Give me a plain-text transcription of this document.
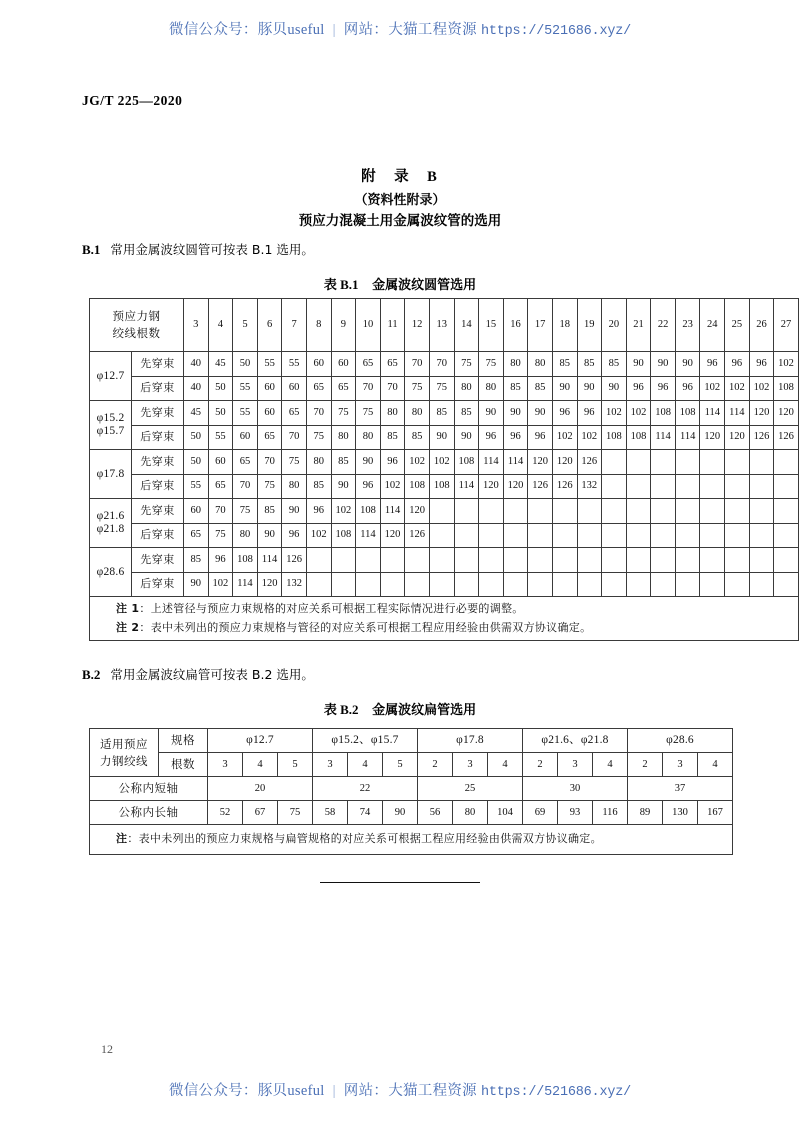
微信公众号：豚贝useful | 网站：大猫工程资源 https://521686.xyz/
JG/T 225—2020
附　录　B
（资料性附录）
预应力混凝土用金属波纹管的选用
B.1 常用金属波纹圆管可按表 B.1 选用。
表 B.1 金属波纹圆管选用
预应力钢
绞线根数		3	4	5	6	7	8	9	10	11	12	13	14	15	16	17	18	19	20	21	22	23	24	25	26	27

φ12.7	先穿束	40	45	50	55	55	60	60	65	65	70	70	75	75	80	80	85	85	85	90	90	90	96	96	96	102
	后穿束	40	50	55	60	60	65	65	70	70	75	75	80	80	85	85	90	90	90	96	96	96	102	102	102	108

φ15.2
φ15.7	先穿束	45	50	55	60	65	70	75	75	80	80	85	85	90	90	90	96	96	102	102	108	108	114	114	120	120
	后穿束	50	55	60	65	70	75	80	80	85	85	90	90	96	96	96	102	102	108	108	114	114	120	120	126	126

φ17.8	先穿束	50	60	65	70	75	80	85	90	96	102	102	108	114	114	120	120	126								
	后穿束	55	65	70	75	80	85	90	96	102	108	108	114	120	120	126	126	132								

φ21.6
φ21.8	先穿束	60	70	75	85	90	96	102	108	114	120															
	后穿束	65	75	80	90	96	102	108	114	120	126															

φ28.6	先穿束	85	96	108	114	126																				
	后穿束	90	102	114	120	132																				

注 1：上述管径与预应力束规格的对应关系可根据工程实际情况进行必要的调整。
注 2：表中未列出的预应力束规格与管径的对应关系可根据工程应用经验由供需双方协议确定。																										
B.2 常用金属波纹扁管可按表 B.2 选用。
表 B.2 金属波纹扁管选用
适用预应
力钢绞线	规格	φ12.7			φ15.2、φ15.7			φ17.8			φ21.6、φ21.8			φ28.6		
	根数	3	4	5	3	4	5	2	3	4	2	3	4	2	3	4
公称内短轴		20			22			25			30			37		
公称内长轴		52	67	75	58	74	90	56	80	104	69	93	116	89	130	167
注：表中未列出的预应力束规格与扁管规格的对应关系可根据工程应用经验由供需双方协议确定。																
12
微信公众号：豚贝useful | 网站：大猫工程资源 https://521686.xyz/
